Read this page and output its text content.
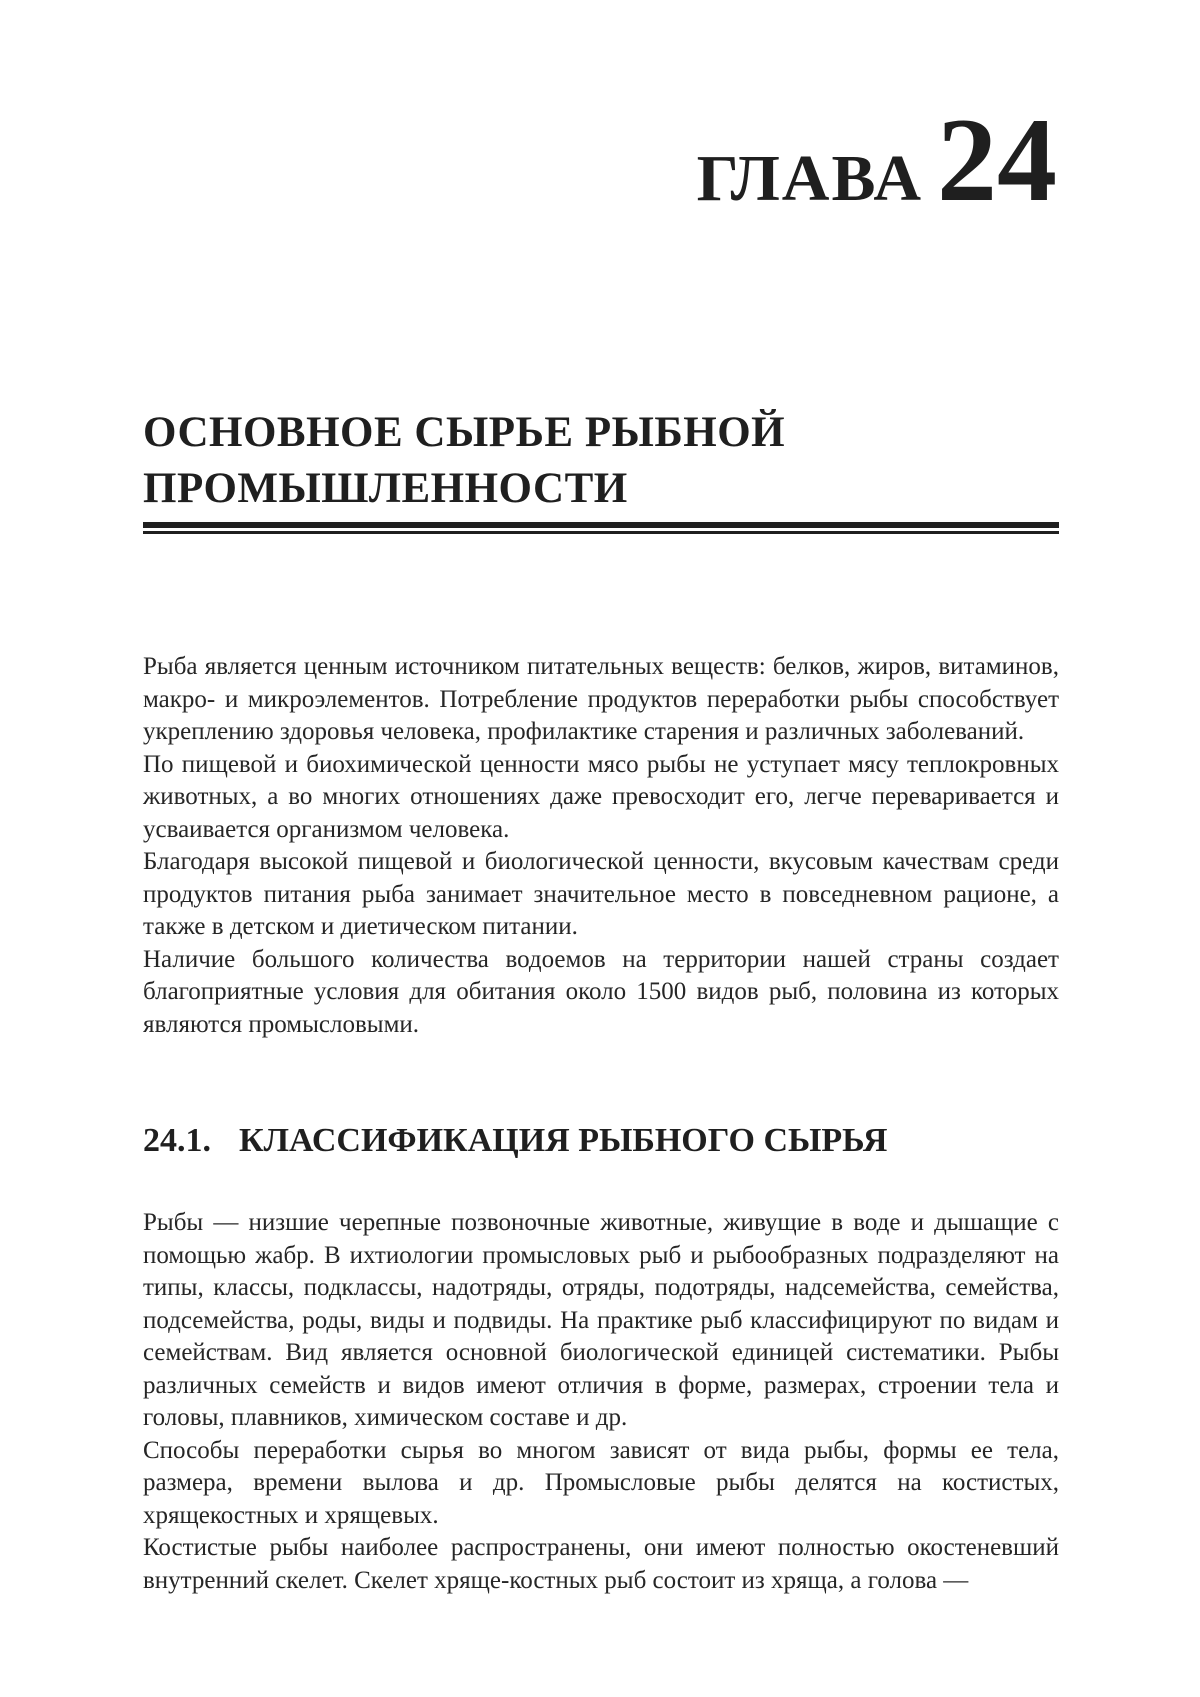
ГЛАВА 24
ОСНОВНОЕ СЫРЬЕ РЫБНОЙ
ПРОМЫШЛЕННОСТИ

Рыба является ценным источником питательных веществ: белков, жиров, витаминов, макро- и микроэлементов. Потребление продуктов переработки рыбы способствует укреплению здоровья человека, профилактике старения и различных заболеваний.

По пищевой и биохимической ценности мясо рыбы не уступает мясу теплокровных животных, а во многих отношениях даже превосходит его, легче переваривается и усваивается организмом человека.

Благодаря высокой пищевой и биологической ценности, вкусовым качествам среди продуктов питания рыба занимает значительное место в повседневном рационе, а также в детском и диетическом питании.

Наличие большого количества водоемов на территории нашей страны создает благоприятные условия для обитания около 1500 видов рыб, половина из которых являются промысловыми.

24.1. КЛАССИФИКАЦИЯ РЫБНОГО СЫРЬЯ

Рыбы — низшие черепные позвоночные животные, живущие в воде и дышащие с помощью жабр. В ихтиологии промысловых рыб и рыбообразных подразделяют на типы, классы, подклассы, надотряды, отряды, подотряды, надсемейства, семейства, подсемейства, роды, виды и подвиды. На практике рыб классифицируют по видам и семействам. Вид является основной биологической единицей систематики. Рыбы различных семейств и видов имеют отличия в форме, размерах, строении тела и головы, плавников, химическом составе и др.

Способы переработки сырья во многом зависят от вида рыбы, формы ее тела, размера, времени вылова и др. Промысловые рыбы делятся на костистых, хрящекостных и хрящевых.

Костистые рыбы наиболее распространены, они имеют полностью окостеневший внутренний скелет. Скелет хряще-костных рыб состоит из хряща, а голова —
